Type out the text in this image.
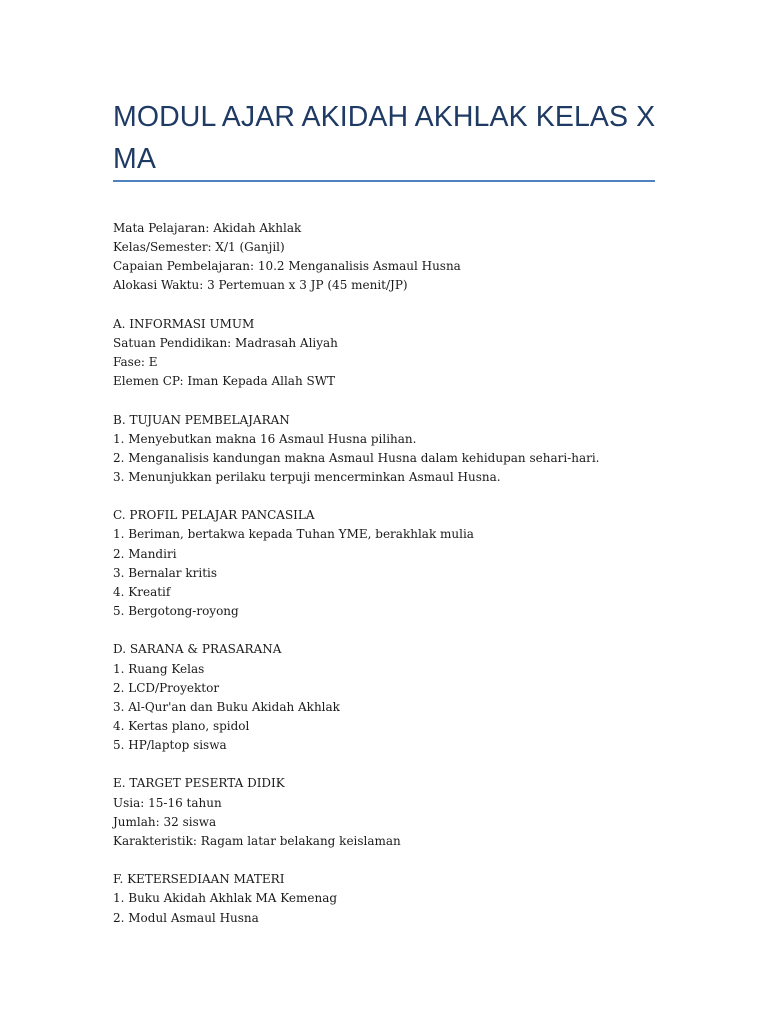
MODUL AJAR AKIDAH AKHLAK KELAS X MA
Mata Pelajaran: Akidah Akhlak
Kelas/Semester: X/1 (Ganjil)
Capaian Pembelajaran: 10.2 Menganalisis Asmaul Husna
Alokasi Waktu: 3 Pertemuan x 3 JP (45 menit/JP)
A. INFORMASI UMUM
Satuan Pendidikan: Madrasah Aliyah
Fase: E
Elemen CP: Iman Kepada Allah SWT
B. TUJUAN PEMBELAJARAN
1. Menyebutkan makna 16 Asmaul Husna pilihan.
2. Menganalisis kandungan makna Asmaul Husna dalam kehidupan sehari-hari.
3. Menunjukkan perilaku terpuji mencerminkan Asmaul Husna.
C. PROFIL PELAJAR PANCASILA
1. Beriman, bertakwa kepada Tuhan YME, berakhlak mulia
2. Mandiri
3. Bernalar kritis
4. Kreatif
5. Bergotong-royong
D. SARANA & PRASARANA
1. Ruang Kelas
2. LCD/Proyektor
3. Al-Qur'an dan Buku Akidah Akhlak
4. Kertas plano, spidol
5. HP/laptop siswa
E. TARGET PESERTA DIDIK
Usia: 15-16 tahun
Jumlah: 32 siswa
Karakteristik: Ragam latar belakang keislaman
F. KETERSEDIAAN MATERI
1. Buku Akidah Akhlak MA Kemenag
2. Modul Asmaul Husna
